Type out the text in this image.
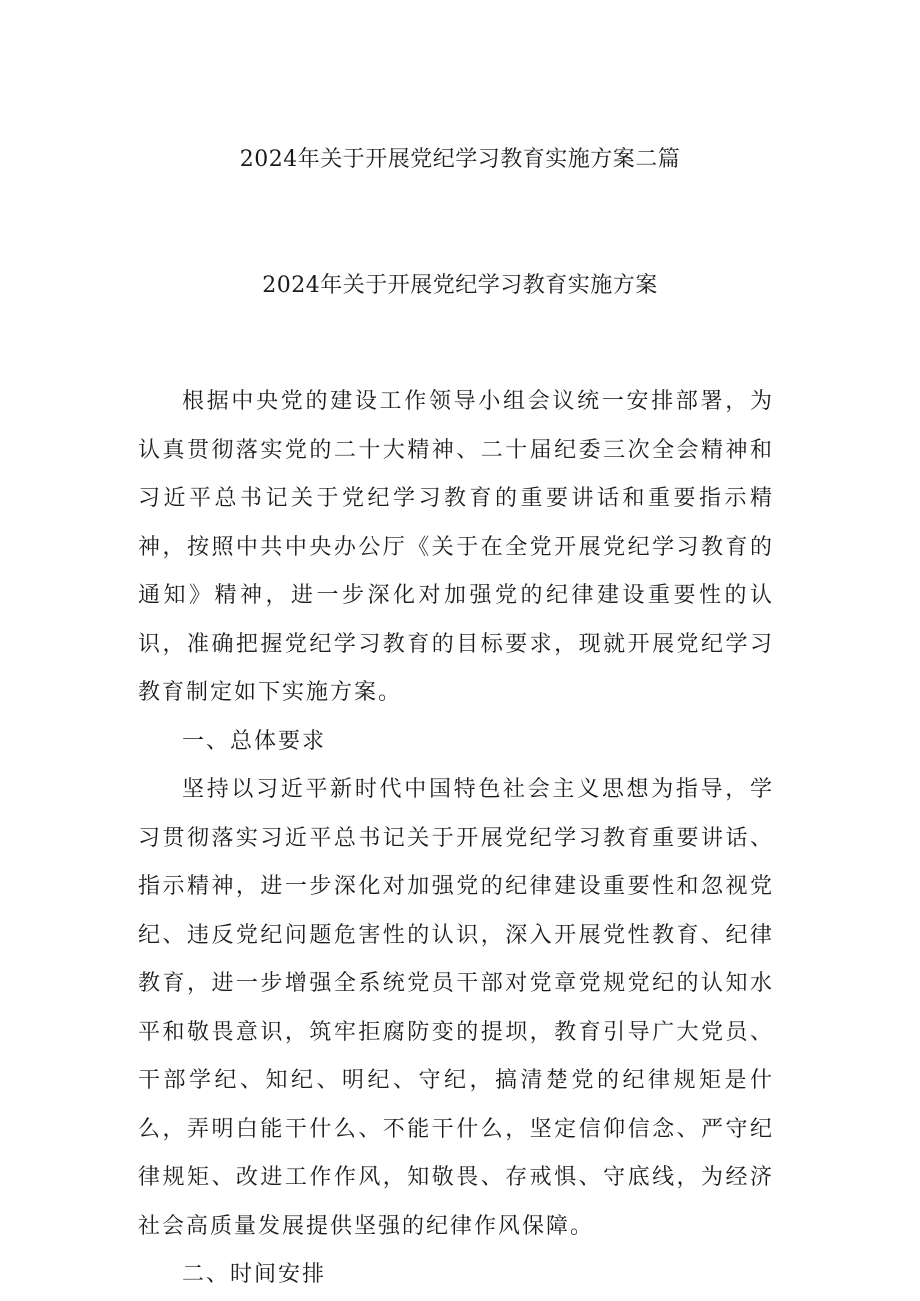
2024年关于开展党纪学习教育实施方案二篇
2024年关于开展党纪学习教育实施方案

根据中央党的建设工作领导小组会议统一安排部署，为认真贯彻落实党的二十大精神、二十届纪委三次全会精神和习近平总书记关于党纪学习教育的重要讲话和重要指示精神，按照中共中央办公厅《关于在全党开展党纪学习教育的通知》精神，进一步深化对加强党的纪律建设重要性的认识，准确把握党纪学习教育的目标要求，现就开展党纪学习教育制定如下实施方案。

一、总体要求

坚持以习近平新时代中国特色社会主义思想为指导，学习贯彻落实习近平总书记关于开展党纪学习教育重要讲话、指示精神，进一步深化对加强党的纪律建设重要性和忽视党纪、违反党纪问题危害性的认识，深入开展党性教育、纪律教育，进一步增强全系统党员干部对党章党规党纪的认知水平和敬畏意识，筑牢拒腐防变的提坝，教育引导广大党员、干部学纪、知纪、明纪、守纪，搞清楚党的纪律规矩是什么，弄明白能干什么、不能干什么，坚定信仰信念、严守纪律规矩、改进工作作风，知敬畏、存戒惧、守底线，为经济社会高质量发展提供坚强的纪律作风保障。

二、时间安排
